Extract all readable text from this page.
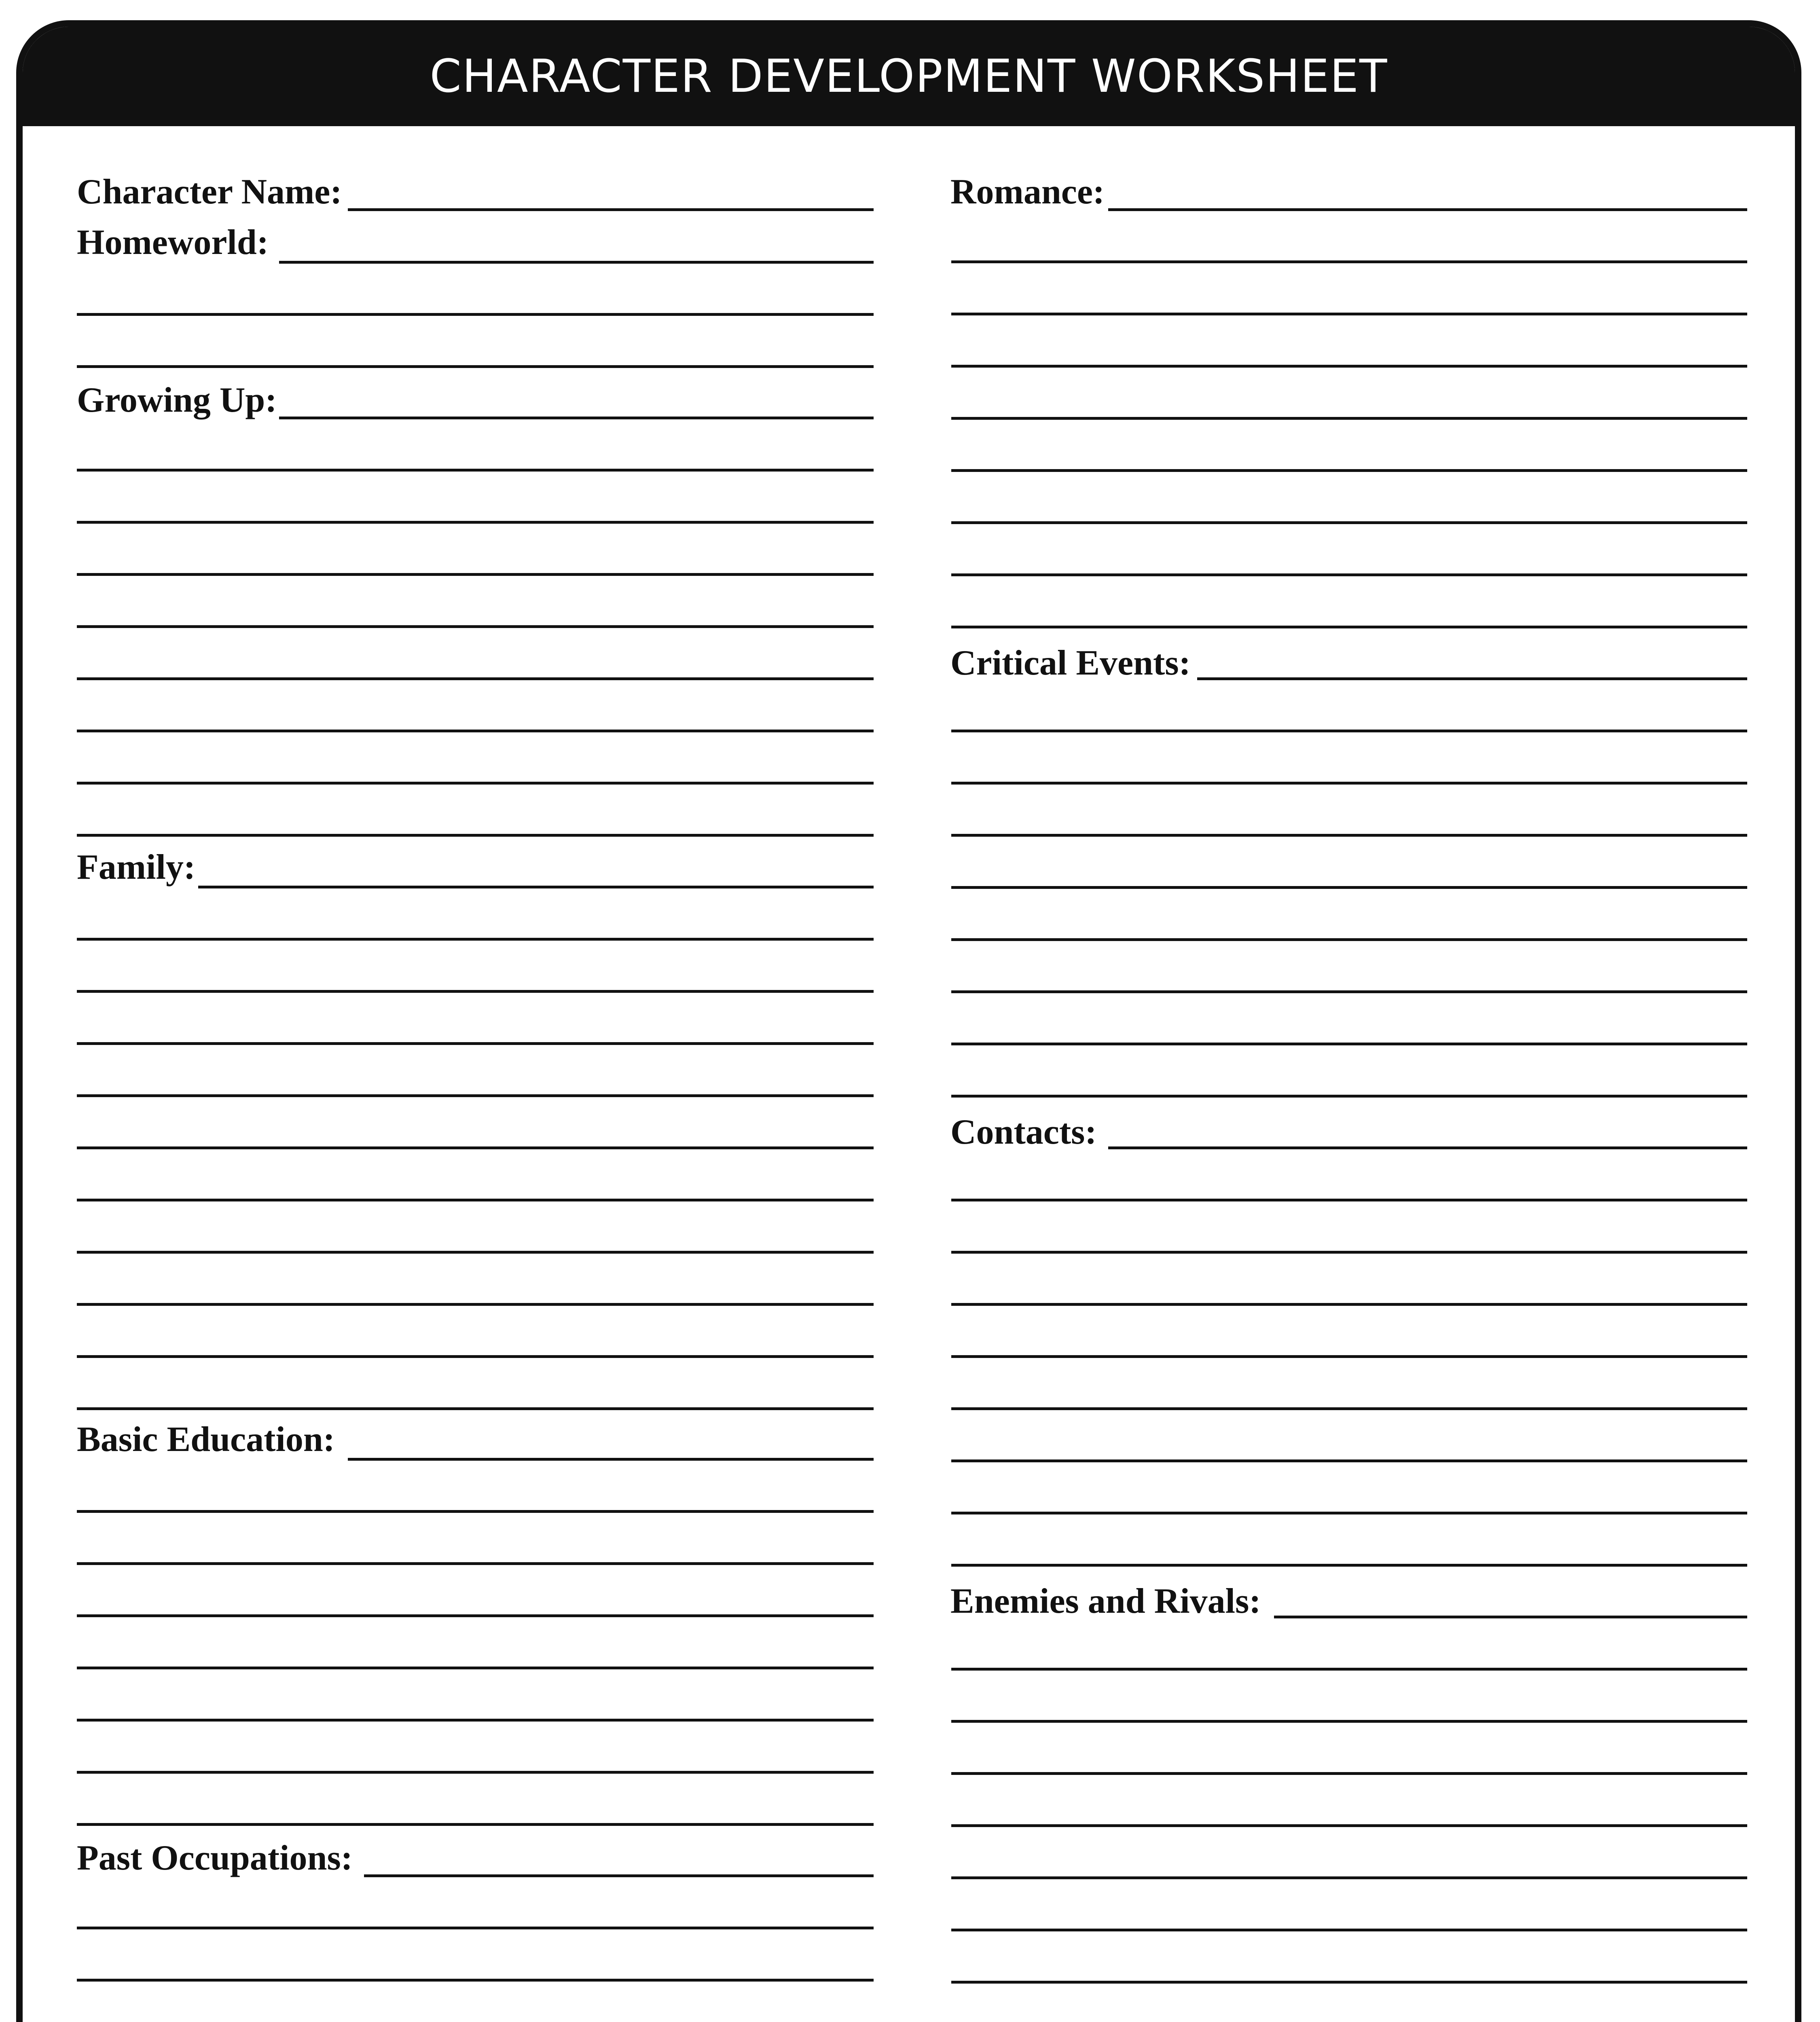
CHARACTER DEVELOPMENT WORKSHEET
Character Name:
Homeworld:
Growing Up:
Family:
Basic Education:
Past Occupations:
Romance:
Critical Events:
Contacts:
Enemies and Rivals:
